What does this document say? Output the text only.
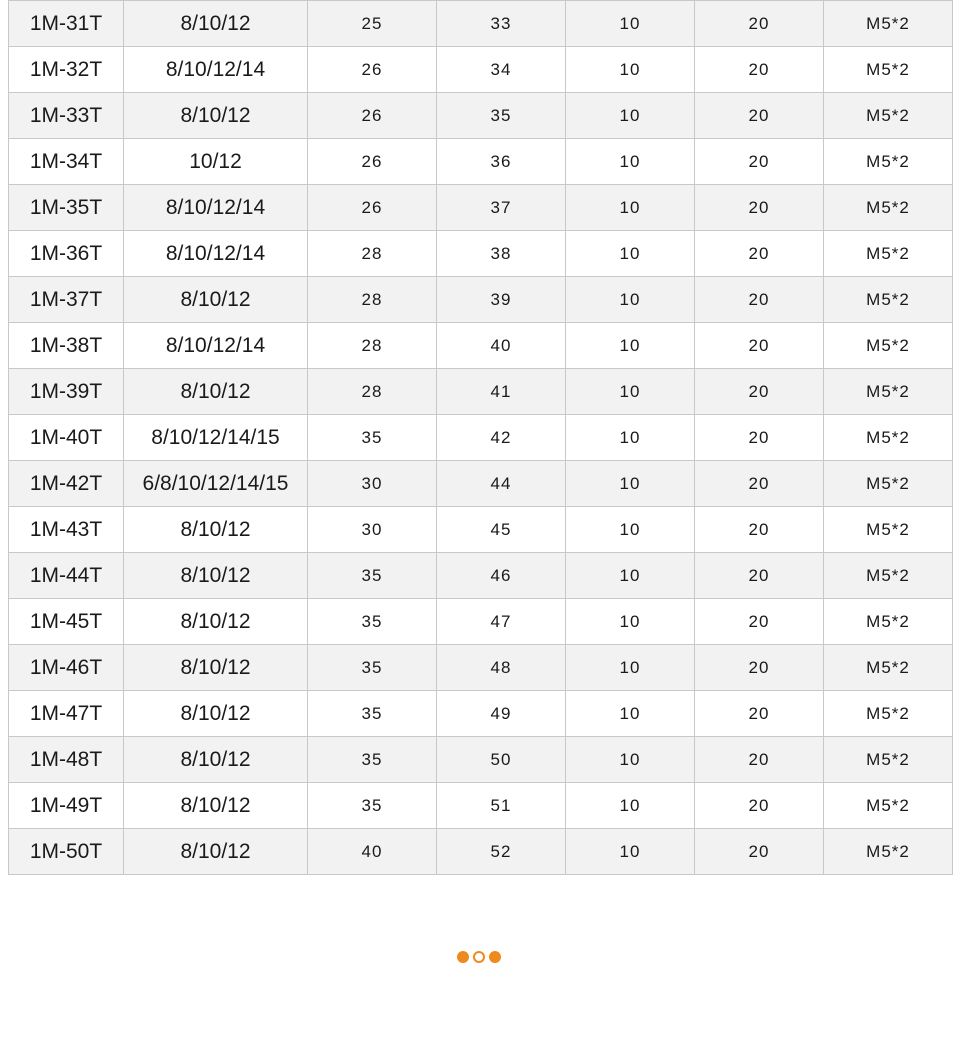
1M-31T	8/10/12	25	33	10	20	M5*2
1M-32T	8/10/12/14	26	34	10	20	M5*2
1M-33T	8/10/12	26	35	10	20	M5*2
1M-34T	10/12	26	36	10	20	M5*2
1M-35T	8/10/12/14	26	37	10	20	M5*2
1M-36T	8/10/12/14	28	38	10	20	M5*2
1M-37T	8/10/12	28	39	10	20	M5*2
1M-38T	8/10/12/14	28	40	10	20	M5*2
1M-39T	8/10/12	28	41	10	20	M5*2
1M-40T	8/10/12/14/15	35	42	10	20	M5*2
1M-42T	6/8/10/12/14/15	30	44	10	20	M5*2
1M-43T	8/10/12	30	45	10	20	M5*2
1M-44T	8/10/12	35	46	10	20	M5*2
1M-45T	8/10/12	35	47	10	20	M5*2
1M-46T	8/10/12	35	48	10	20	M5*2
1M-47T	8/10/12	35	49	10	20	M5*2
1M-48T	8/10/12	35	50	10	20	M5*2
1M-49T	8/10/12	35	51	10	20	M5*2
1M-50T	8/10/12	40	52	10	20	M5*2
